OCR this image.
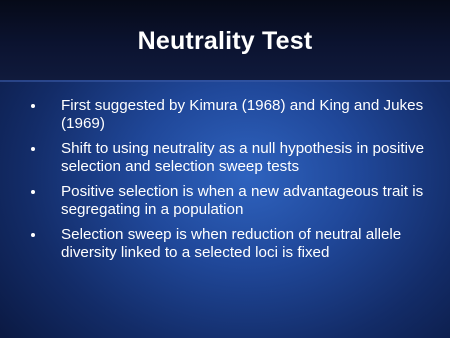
Neutrality Test
First suggested by Kimura (1968) and King and Jukes (1969)
Shift to using neutrality as a null hypothesis in positive selection and selection sweep tests
Positive selection is when a new advantageous trait is segregating in a population
Selection sweep is when reduction of neutral allele diversity linked to a selected loci is fixed
